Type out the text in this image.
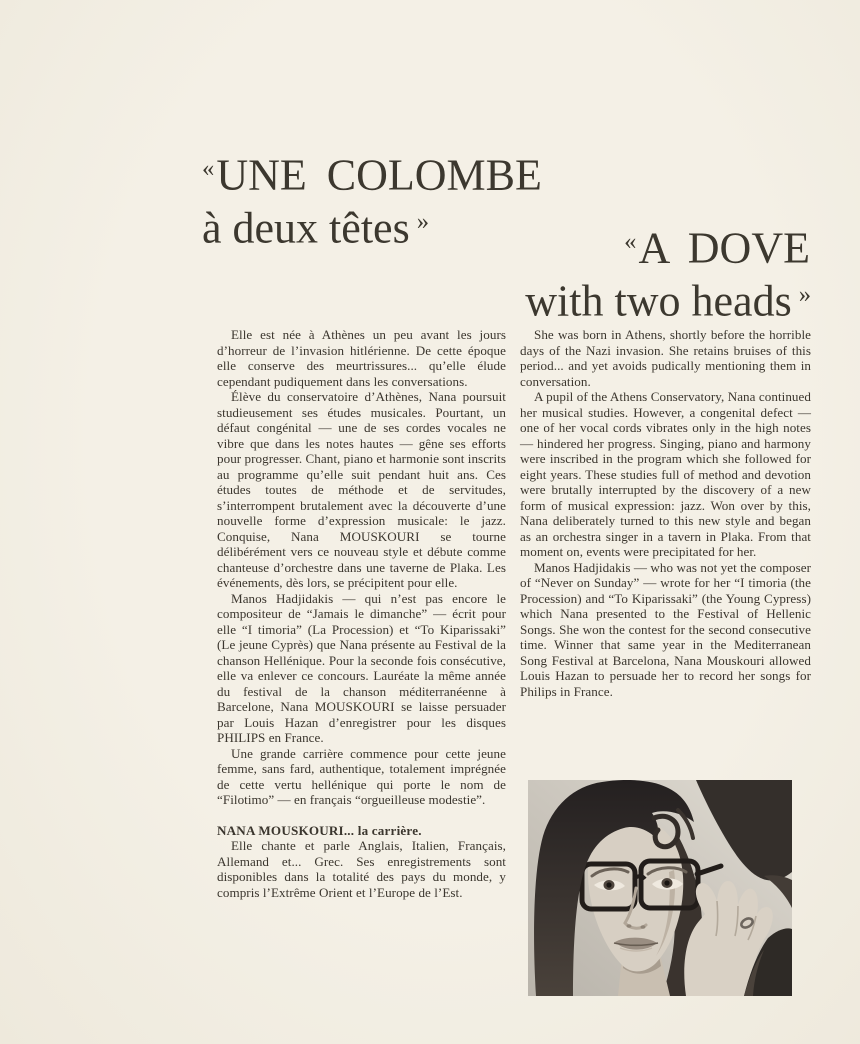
«UNE COLOMBE
à deux têtes »
«A DOVE
with two heads »

Elle est née à Athènes un peu avant les jours d’horreur de l’invasion hitlérienne. De cette époque elle conserve des meurtrissures... qu’elle élude cependant pudiquement dans les conversations.

Élève du conservatoire d’Athènes, Nana poursuit studieusement ses études musicales. Pourtant, un défaut congénital — une de ses cordes vocales ne vibre que dans les notes hautes — gêne ses efforts pour progresser. Chant, piano et harmonie sont inscrits au programme qu’elle suit pendant huit ans. Ces études toutes de méthode et de servitudes, s’interrompent brutalement avec la découverte d’une nouvelle forme d’expression musicale: le jazz. Conquise, Nana MOUSKOURI se tourne délibérément vers ce nouveau style et débute comme chanteuse d’orchestre dans une taverne de Plaka. Les événements, dès lors, se précipitent pour elle.

Manos Hadjidakis — qui n’est pas encore le compositeur de “Jamais le dimanche” — écrit pour elle “I timoria” (La Procession) et “To Kiparissaki” (Le jeune Cyprès) que Nana présente au Festival de la chanson Hellénique. Pour la seconde fois consécutive, elle va enlever ce concours. Lauréate la même année du festival de la chanson méditerranéenne à Barcelone, Nana MOUSKOURI se laisse persuader par Louis Hazan d’enregistrer pour les disques PHILIPS en France.

Une grande carrière commence pour cette jeune femme, sans fard, authentique, totalement imprégnée de cette vertu hellénique qui porte le nom de “Filotimo” — en français “orgueilleuse modestie”.

NANA MOUSKOURI... la carrière.

Elle chante et parle Anglais, Italien, Français, Allemand et... Grec. Ses enregistrements sont disponibles dans la totalité des pays du monde, y compris l’Extrême Orient et l’Europe de l’Est.

She was born in Athens, shortly before the horrible days of the Nazi invasion. She retains bruises of this period... and yet avoids pudically mentioning them in conversation.

A pupil of the Athens Conservatory, Nana continued her musical studies. However, a congenital defect — one of her vocal cords vibrates only in the high notes — hindered her progress. Singing, piano and harmony were inscribed in the program which she followed for eight years. These studies full of method and devotion were brutally interrupted by the discovery of a new form of musical expression: jazz. Won over by this, Nana deliberately turned to this new style and began as an orchestra singer in a tavern in Plaka. From that moment on, events were precipitated for her.

Manos Hadjidakis — who was not yet the composer of “Never on Sunday” — wrote for her “I timoria (the Procession) and “To Kiparissaki” (the Young Cypress) which Nana presented to the Festival of Hellenic Songs. She won the contest for the second consecutive time. Winner that same year in the Mediterranean Song Festival at Barcelona, Nana Mouskouri allowed Louis Hazan to persuade her to record her songs for Philips in France.
